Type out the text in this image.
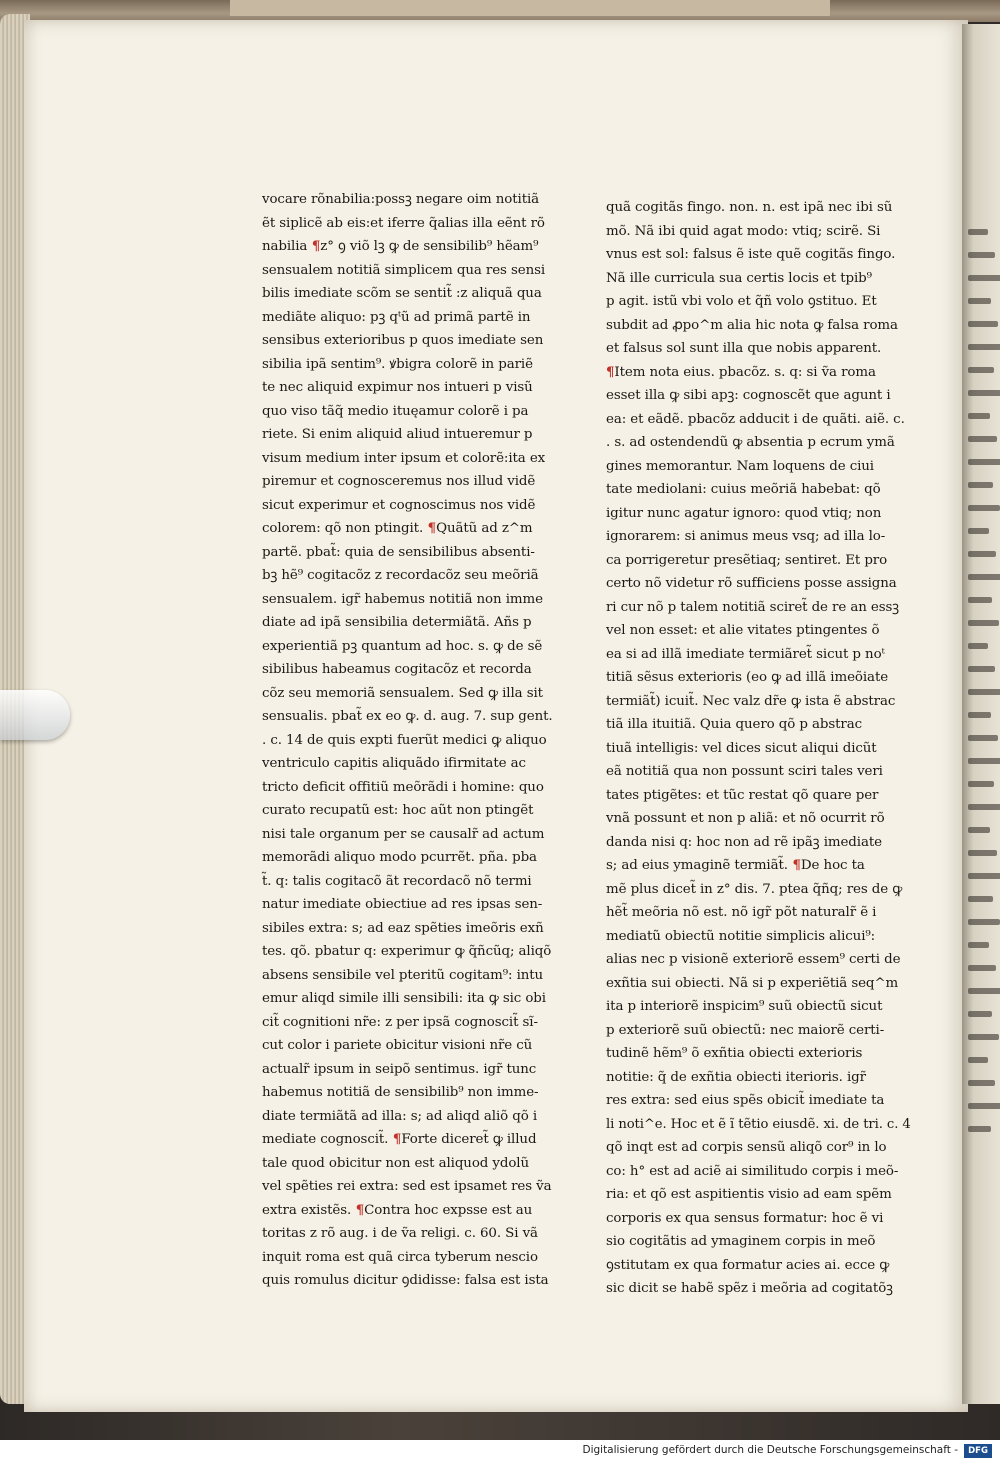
vocare rõnabilia:possꝫ negare oim notitiã
ẽt siplicẽ ab eis:et iferre q̃alias illa eẽnt rõ
nabilia ¶z° ꝯ viõ lꝫ ꝙ de sensibilib⁹ hẽam⁹
sensualem notitiã simplicem qua res sensi
bilis imediate scõm se sentit̃ :z aliquã qua
mediãte aliquo: pꝫ qᵗũ ad primã partẽ in
sensibus exterioribus p quos imediate sen
sibilia ipã sentim⁹. ꝟbigra colorẽ in pariẽ
te nec aliquid expimur nos intueri p visũ
quo viso tãq̃ medio ituęamur colorẽ i pa
riete. Si enim aliquid aliud intueremur p
visum medium inter ipsum et colorẽ:ita ex
piremur et cognosceremus nos illud vidẽ
sicut experimur et cognoscimus nos vidẽ
colorem: qõ non ptingit. ¶Quãtũ ad z^m
partẽ. pbat̃: quia de sensibilibus absenti-
bꝫ hẽ⁹ cogitacõz z recordacõz seu meõriã
sensualem. igr̃ habemus notitiã non imme
diate ad ipã sensibilia determiãtã. Añs p
experientiã pꝫ quantum ad hoc. s. ꝙ de sẽ
sibilibus habeamus cogitacõz et recorda
cõz seu memoriã sensualem. Sed ꝙ illa sit
sensualis. pbat̃ ex eo ꝙ. d. aug. 7. sup gent.
. c. 14 de quis expti fuerũt medici ꝙ aliquo
ventriculo capitis aliquãdo ifirmitate ac
tricto deficit offitiũ meõrãdi i homine: quo
curato recupatũ est: hoc aũt non ptingẽt
nisi tale organum per se causalr̃ ad actum
memorãdi aliquo modo pcurrẽt. pña. pba
t̃. q: talis cogitacõ ãt recordacõ nõ termi
natur imediate obiectiue ad res ipsas sen-
sibiles extra: s; ad eaz spẽties imeõris exñ
tes. qõ. pbatur q: experimur ꝙ q̃ñcũq; aliqõ
absens sensibile vel pteritũ cogitam⁹: intu
emur aliqd simile illi sensibili: ita ꝙ sic obi
cit̃ cognitioni nr̃e: z per ipsã cognoscit̃ sĩ-
cut color i pariete obicitur visioni nr̃e cũ
actualr̃ ipsum in seipõ sentimus. igr̃ tunc
habemus notitiã de sensibilib⁹ non imme-
diate termiãtã ad illa: s; ad aliqd aliõ qõ i
mediate cognoscit̃. ¶Forte diceret̃ ꝙ illud
tale quod obicitur non est aliquod ydolũ
vel spẽties rei extra: sed est ipsamet res ṽa
extra existẽs. ¶Contra hoc expsse est au
toritas z rõ aug. i de ṽa religi. c. 60. Si vã
inquit roma est quã circa tyberum nescio
quis romulus dicitur ꝯdidisse: falsa est ista
quã cogitãs fingo. non. n. est ipã nec ibi sũ
mõ. Nã ibi quid agat modo: vtiq; scirẽ. Si
vnus est sol: falsus ẽ iste quẽ cogitãs fingo.
Nã ille curricula sua certis locis et tpib⁹
p agit. istũ vbi volo et q̃ñ volo ꝯstituo. Et
subdit ad ꝓpo^m alia hic nota ꝙ falsa roma
et falsus sol sunt illa que nobis apparent.
¶Item nota eius. pbacõz. s. q: si ṽa roma
esset illa ꝙ sibi apꝫ: cognoscẽt que agunt i
ea: et eãdẽ. pbacõz adducit i de quãti. aiẽ. c.
. s. ad ostendendũ ꝙ absentia p ecrum ymã
gines memorantur. Nam loquens de ciui
tate mediolani: cuius meõriã habebat: qõ
igitur nunc agatur ignoro: quod vtiq; non
ignorarem: si animus meus vsq; ad illa lo-
ca porrigeretur presẽtiaq; sentiret. Et pro
certo nõ videtur rõ sufficiens posse assigna
ri cur nõ p talem notitiã sciret̃ de re an essꝫ
vel non esset: et alie vitates ptingentes õ
ea si ad illã imediate termiãret̃ sicut p noᵗ
titiã sẽsus exterioris (eo ꝙ ad illã imeõiate
termiãt̃) icuit̃. Nec valz dr̃e ꝙ ista ẽ abstrac
tiã illa ituitiã. Quia quero qõ p abstrac
tiuã intelligis: vel dices sicut aliqui dicũt
eã notitiã qua non possunt sciri tales veri
tates ptigẽtes: et tũc restat qõ quare per
vnã possunt et non p aliã: et nõ ocurrit rõ
danda nisi q: hoc non ad rẽ ipãꝫ imediate
s; ad eius ymaginẽ termiãt̃. ¶De hoc ta
mẽ plus dicet̃ in z° dis. 7. ptea q̃ñq; res de ꝙ
hẽt̃ meõria nõ est. nõ igr̃ põt naturalr̃ ẽ i
mediatũ obiectũ notitie simplicis alicui⁹:
alias nec p visionẽ exteriorẽ essem⁹ certi de
exñtia sui obiecti. Nã si p experiẽtiã seq^m
ita p interiorẽ inspicim⁹ suũ obiectũ sicut
p exteriorẽ suũ obiectũ: nec maiorẽ certi-
tudinẽ hẽm⁹ õ exñtia obiecti exterioris
notitie: q̃ de exñtia obiecti iterioris. igr̃
res extra: sed eius spẽs obicit̃ imediate ta
li noti^e. Hoc et ẽ ĩ tẽtio eiusdẽ. xi. de tri. c. 4
qõ inqt est ad corpis sensũ aliqõ cor⁹ in lo
co: h° est ad aciẽ ai similitudo corpis i meõ-
ria: et qõ est aspitientis visio ad eam spẽm
corporis ex qua sensus formatur: hoc ẽ vi
sio cogitãtis ad ymaginem corpis in meõ
ꝯstitutam ex qua formatur acies ai. ecce ꝙ
sic dicit se habẽ spẽz i meõria ad cogitatõꝫ
Digitalisierung gefördert durch die Deutsche Forschungsgemeinschaft -	DFG
